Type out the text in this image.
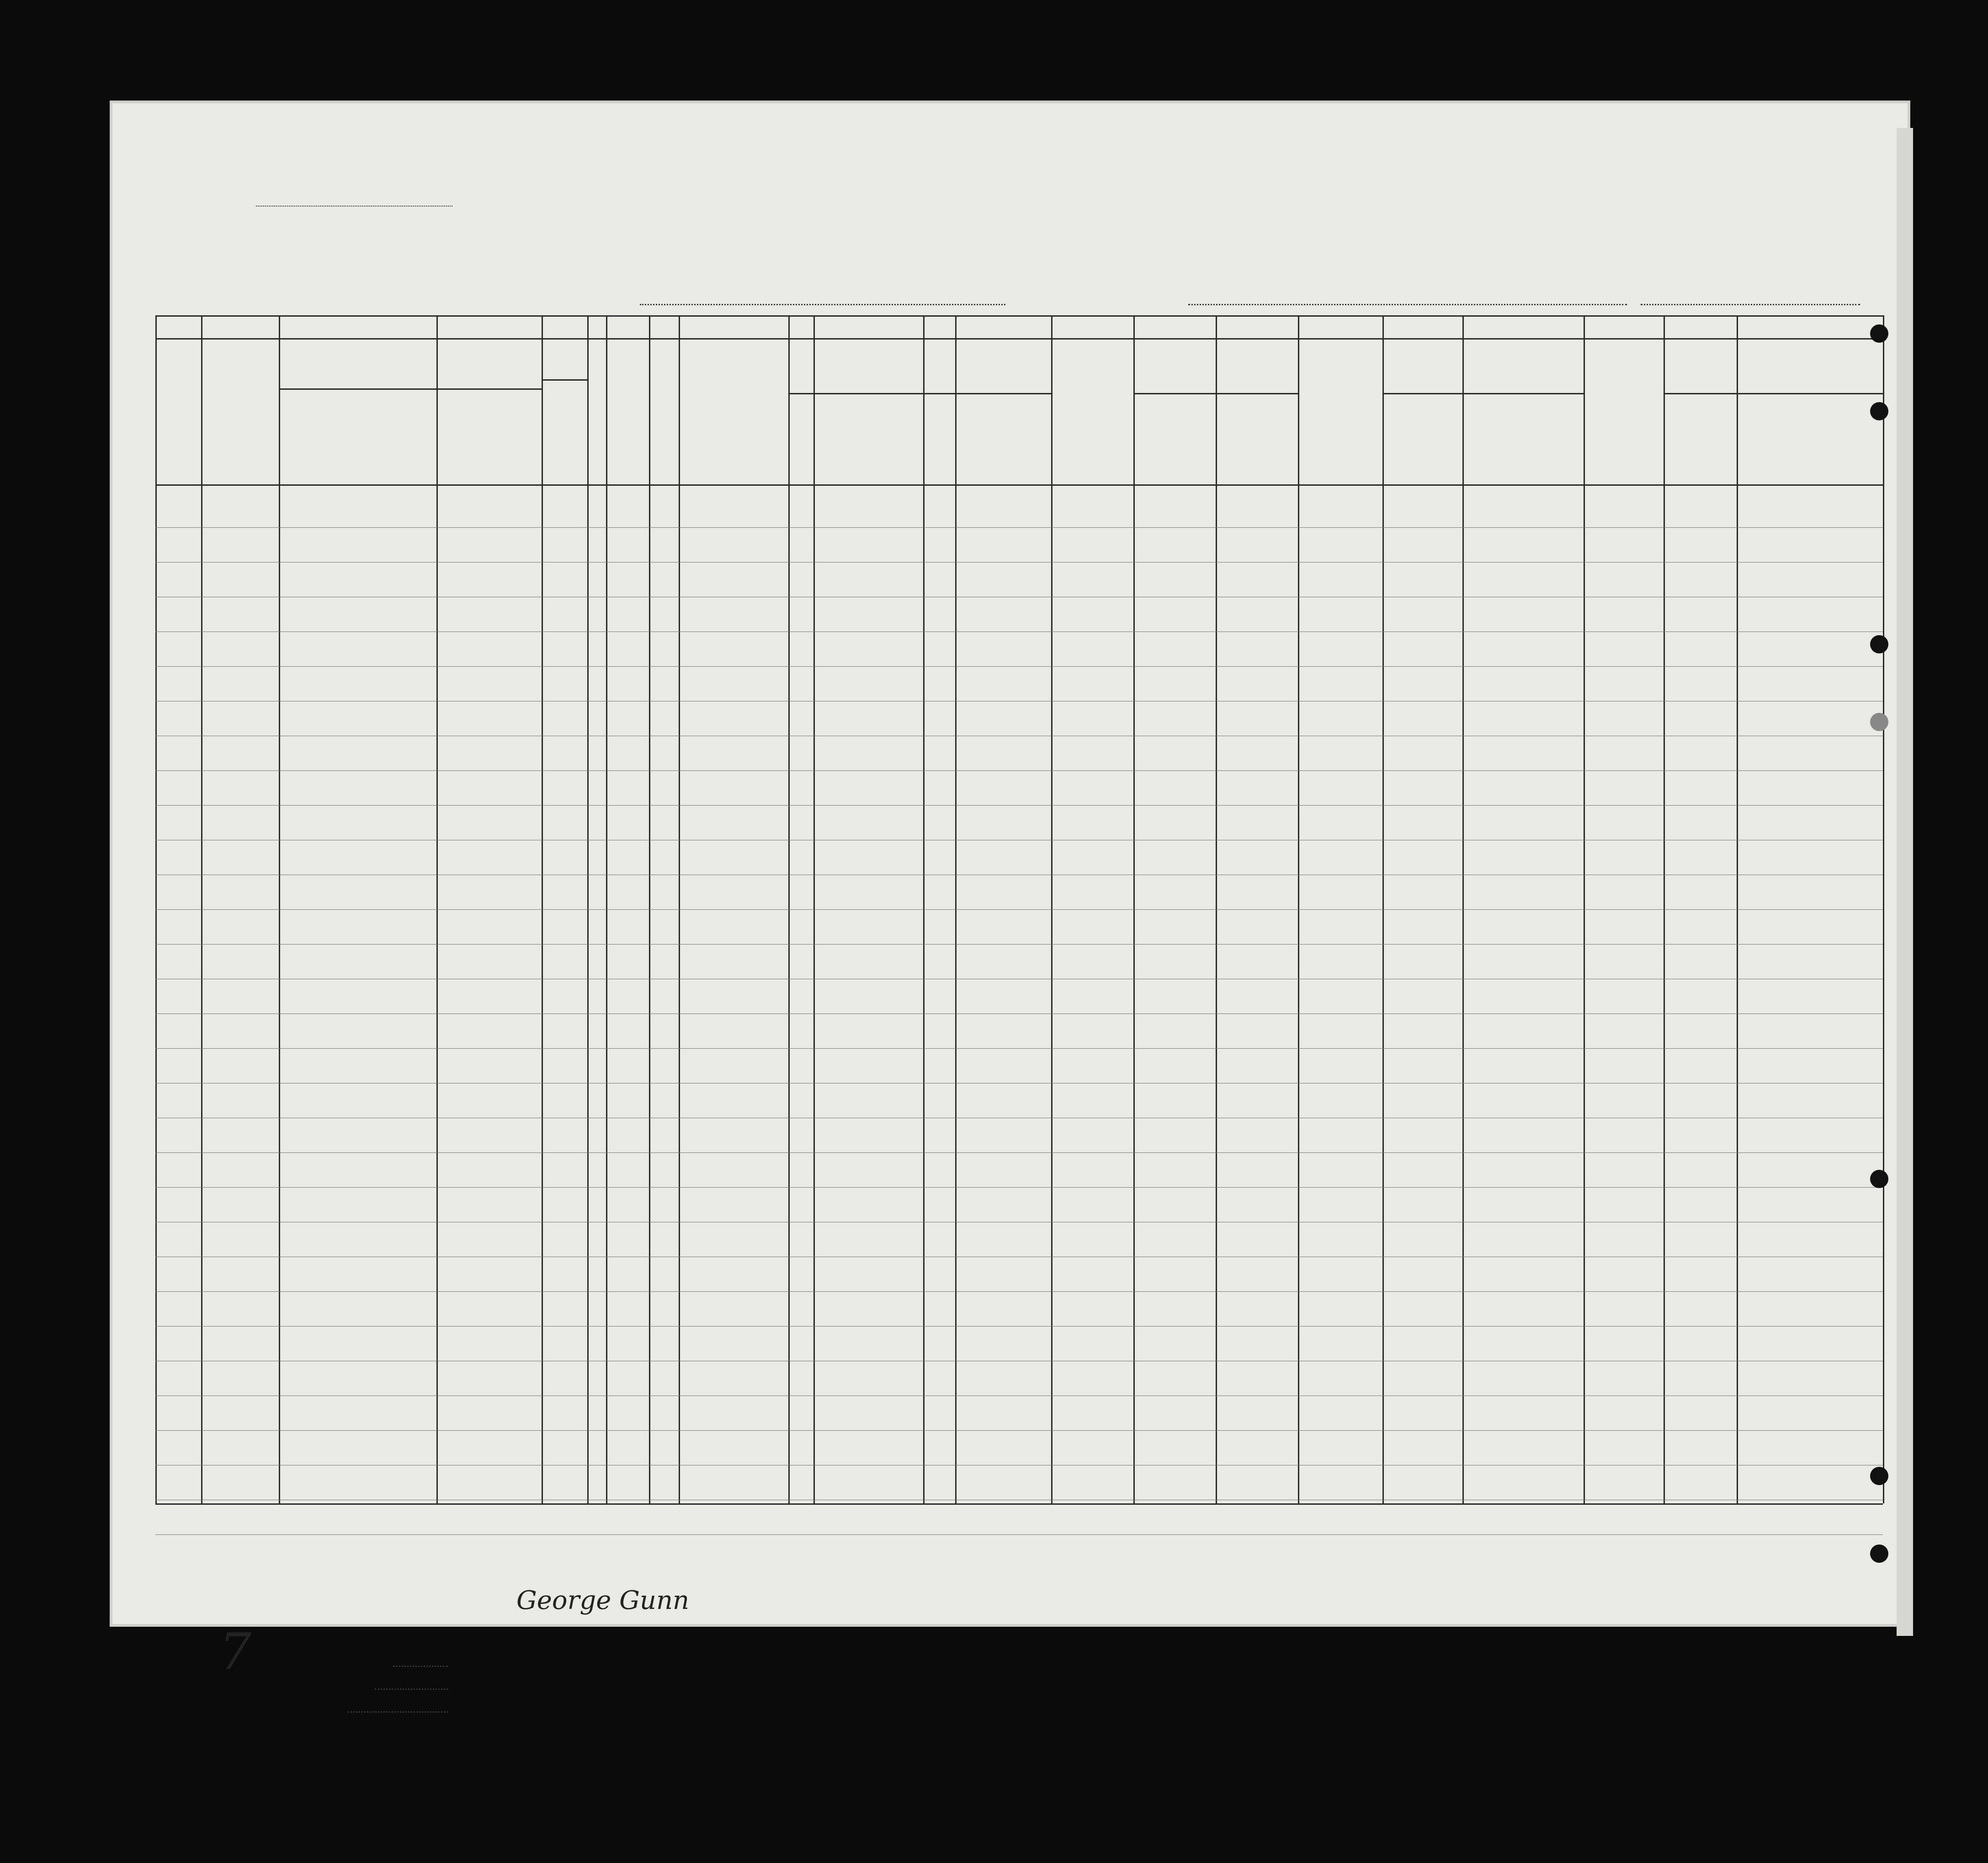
George Gunn
7
